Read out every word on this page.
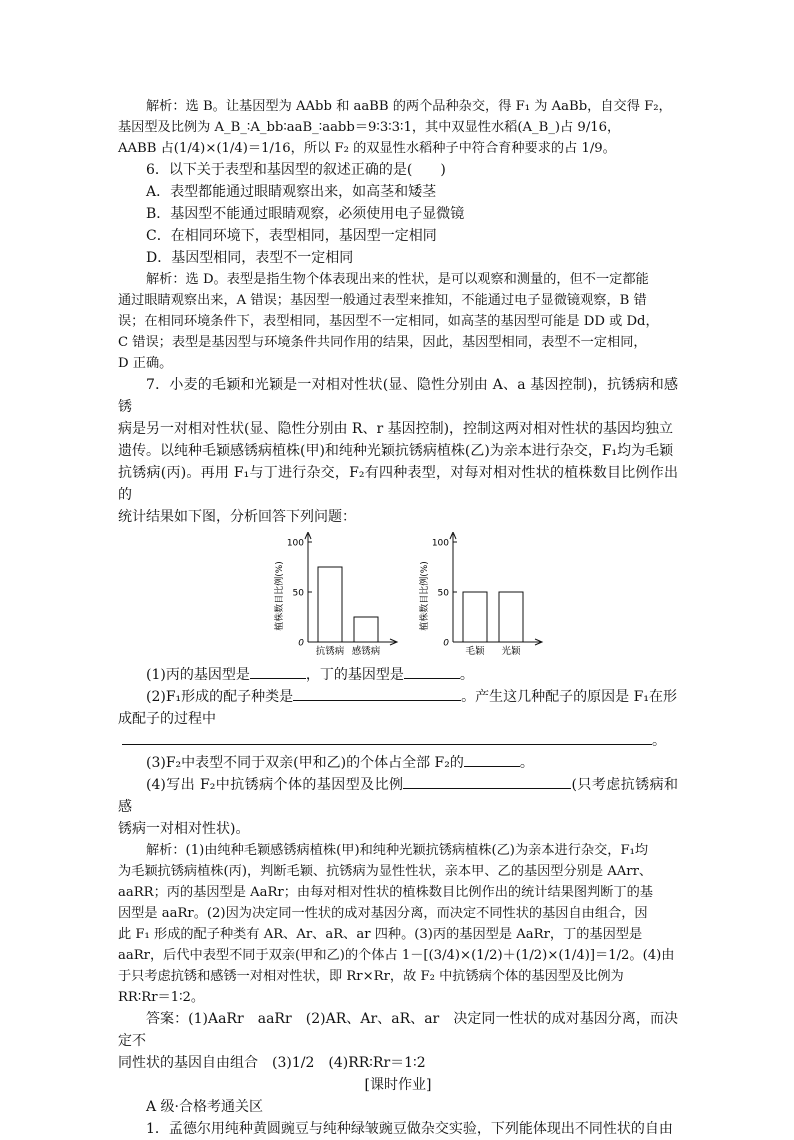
解析：选 B。让基因型为 AAbb 和 aaBB 的两个品种杂交，得 F₁ 为 AaBb，自交得 F₂，

基因型及比例为 A_B_∶A_bb∶aaB_∶aabb＝9∶3∶3∶1，其中双显性水稻(A_B_)占 9/16，

AABB 占(1/4)×(1/4)＝1/16，所以 F₂ 的双显性水稻种子中符合育种要求的占 1/9。

6．以下关于表型和基因型的叙述正确的是(　　)

A．表型都能通过眼睛观察出来，如高茎和矮茎

B．基因型不能通过眼睛观察，必须使用电子显微镜

C．在相同环境下，表型相同，基因型一定相同

D．基因型相同，表型不一定相同

解析：选 D。表型是指生物个体表现出来的性状，是可以观察和测量的，但不一定都能

通过眼睛观察出来，A 错误；基因型一般通过表型来推知，不能通过电子显微镜观察，B 错

误；在相同环境条件下，表型相同，基因型不一定相同，如高茎的基因型可能是 DD 或 Dd，

C 错误；表型是基因型与环境条件共同作用的结果，因此，基因型相同，表型不一定相同，

D 正确。

7．小麦的毛颖和光颖是一对相对性状(显、隐性分别由 A、a 基因控制)，抗锈病和感锈

病是另一对相对性状(显、隐性分别由 R、r 基因控制)，控制这两对相对性状的基因均独立

遗传。以纯种毛颖感锈病植株(甲)和纯种光颖抗锈病植株(乙)为亲本进行杂交，F₁均为毛颖

抗锈病(丙)。再用 F₁与丁进行杂交，F₂有四种表型，对每对相对性状的植株数目比例作出的

统计结果如下图，分析回答下列问题：

0
50
100
植株数目比例(%)
抗锈病 感锈病
0
50
100
植株数目比例(%)
毛颖 光颖

(1)丙的基因型是	，丁的基因型是	。

(2)F₁形成的配子种类是	。产生这几种配子的原因是 F₁在形

成配子的过程中

。

(3)F₂中表型不同于双亲(甲和乙)的个体占全部 F₂的	。

(4)写出 F₂中抗锈病个体的基因型及比例	(只考虑抗锈病和感

锈病一对相对性状)。

解析：(1)由纯种毛颖感锈病植株(甲)和纯种光颖抗锈病植株(乙)为亲本进行杂交，F₁均

为毛颖抗锈病植株(丙)，判断毛颖、抗锈病为显性性状，亲本甲、乙的基因型分别是 AArr、

aaRR；丙的基因型是 AaRr；由每对相对性状的植株数目比例作出的统计结果图判断丁的基

因型是 aaRr。(2)因为决定同一性状的成对基因分离，而决定不同性状的基因自由组合，因

此 F₁ 形成的配子种类有 AR、Ar、aR、ar 四种。(3)丙的基因型是 AaRr，丁的基因型是

aaRr，后代中表型不同于双亲(甲和乙)的个体占 1－[(3/4)×(1/2)＋(1/2)×(1/4)]＝1/2。(4)由

于只考虑抗锈和感锈一对相对性状，即 Rr×Rr，故 F₂ 中抗锈病个体的基因型及比例为

RR∶Rr＝1∶2。

答案：(1)AaRr　aaRr　(2)AR、Ar、aR、ar　决定同一性状的成对基因分离，而决定不

同性状的基因自由组合　(3)1/2　(4)RR∶Rr＝1∶2

[课时作业]

A 级·合格考通关区

1．孟德尔用纯种黄圆豌豆与纯种绿皱豌豆做杂交实验，下列能体现出不同性状的自由
